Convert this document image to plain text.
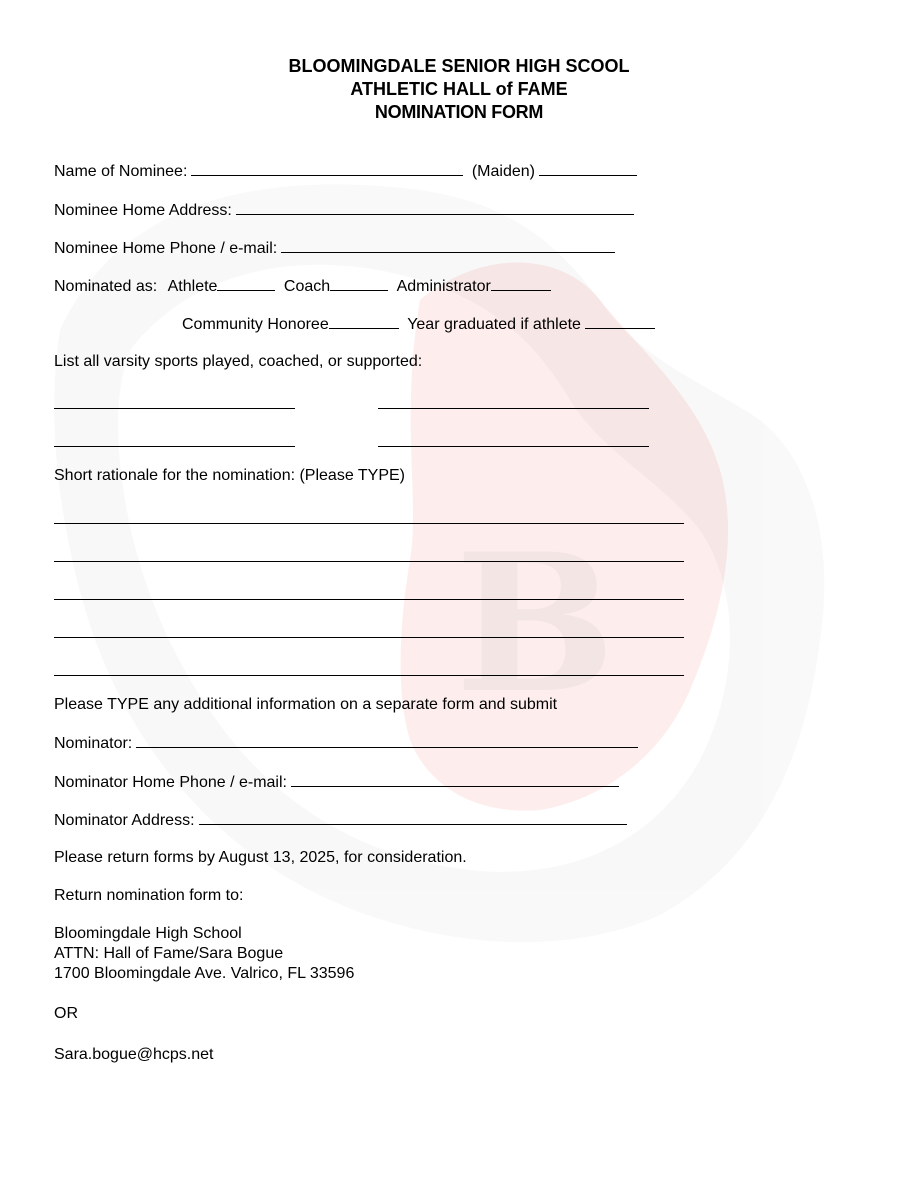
B
BLOOMINGDALE SENIOR HIGH SCOOL
ATHLETIC HALL of FAME
NOMINATION FORM
Name of Nominee:	(Maiden)
Nominee Home Address:
Nominee Home Phone / e-mail:
Nominated as: Athlete	Coach	Administrator
Community Honoree	Year graduated if athlete
List all varsity sports played, coached, or supported:
Short rationale for the nomination: (Please TYPE)
Please TYPE any additional information on a separate form and submit
Nominator:
Nominator Home Phone / e-mail:
Nominator Address:
Please return forms by August 13, 2025, for consideration.
Return nomination form to:
Bloomingdale High School
ATTN: Hall of Fame/Sara Bogue
1700 Bloomingdale Ave. Valrico, FL 33596
OR
Sara.bogue@hcps.net
